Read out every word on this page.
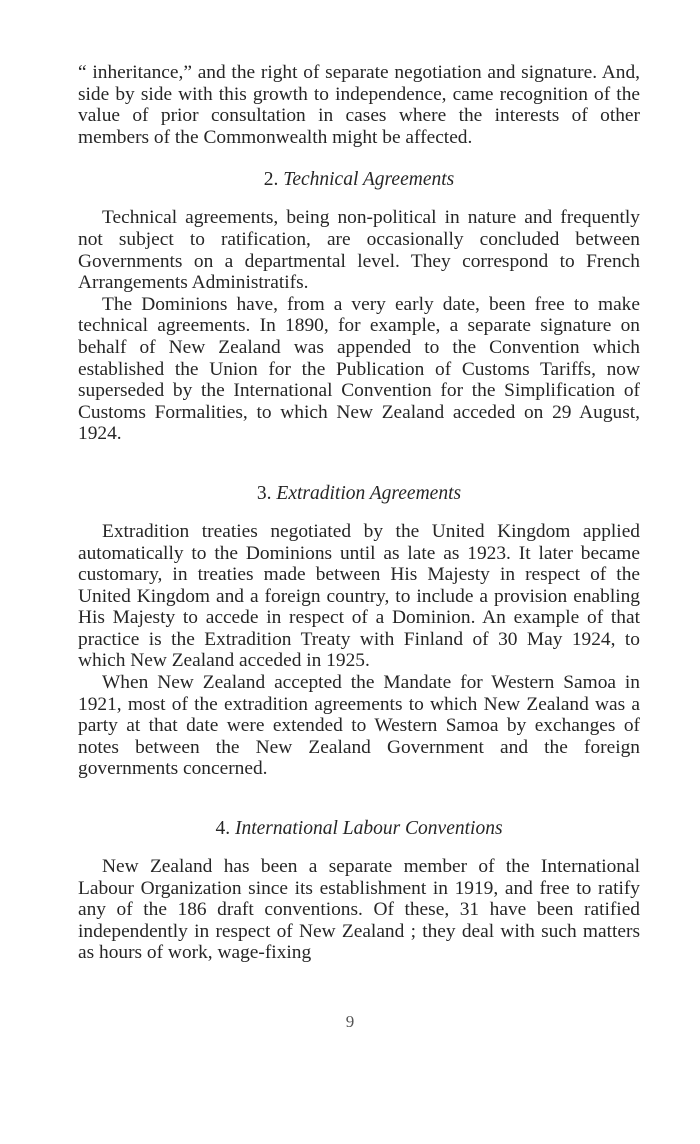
“ inheritance,” and the right of separate negotiation and signature. And, side by side with this growth to independence, came recognition of the value of prior consultation in cases where the interests of other members of the Commonwealth might be affected.

2. Technical Agreements

Technical agreements, being non-political in nature and frequently not subject to ratification, are occasionally concluded between Governments on a departmental level. They correspond to French Arrangements Administratifs.

The Dominions have, from a very early date, been free to make technical agreements. In 1890, for example, a separate signature on behalf of New Zealand was appended to the Convention which established the Union for the Publication of Customs Tariffs, now superseded by the International Convention for the Simplification of Customs Formalities, to which New Zealand acceded on 29 August, 1924.

3. Extradition Agreements

Extradition treaties negotiated by the United Kingdom applied automatically to the Dominions until as late as 1923. It later became customary, in treaties made between His Majesty in respect of the United Kingdom and a foreign country, to include a provision enabling His Majesty to accede in respect of a Dominion. An example of that practice is the Extradition Treaty with Finland of 30 May 1924, to which New Zealand acceded in 1925.

When New Zealand accepted the Mandate for Western Samoa in 1921, most of the extradition agreements to which New Zealand was a party at that date were extended to Western Samoa by exchanges of notes between the New Zealand Government and the foreign governments concerned.

4. International Labour Conventions

New Zealand has been a separate member of the International Labour Organization since its establishment in 1919, and free to ratify any of the 186 draft conventions. Of these, 31 have been ratified independently in respect of New Zealand ; they deal with such matters as hours of work, wage-fixing

9
